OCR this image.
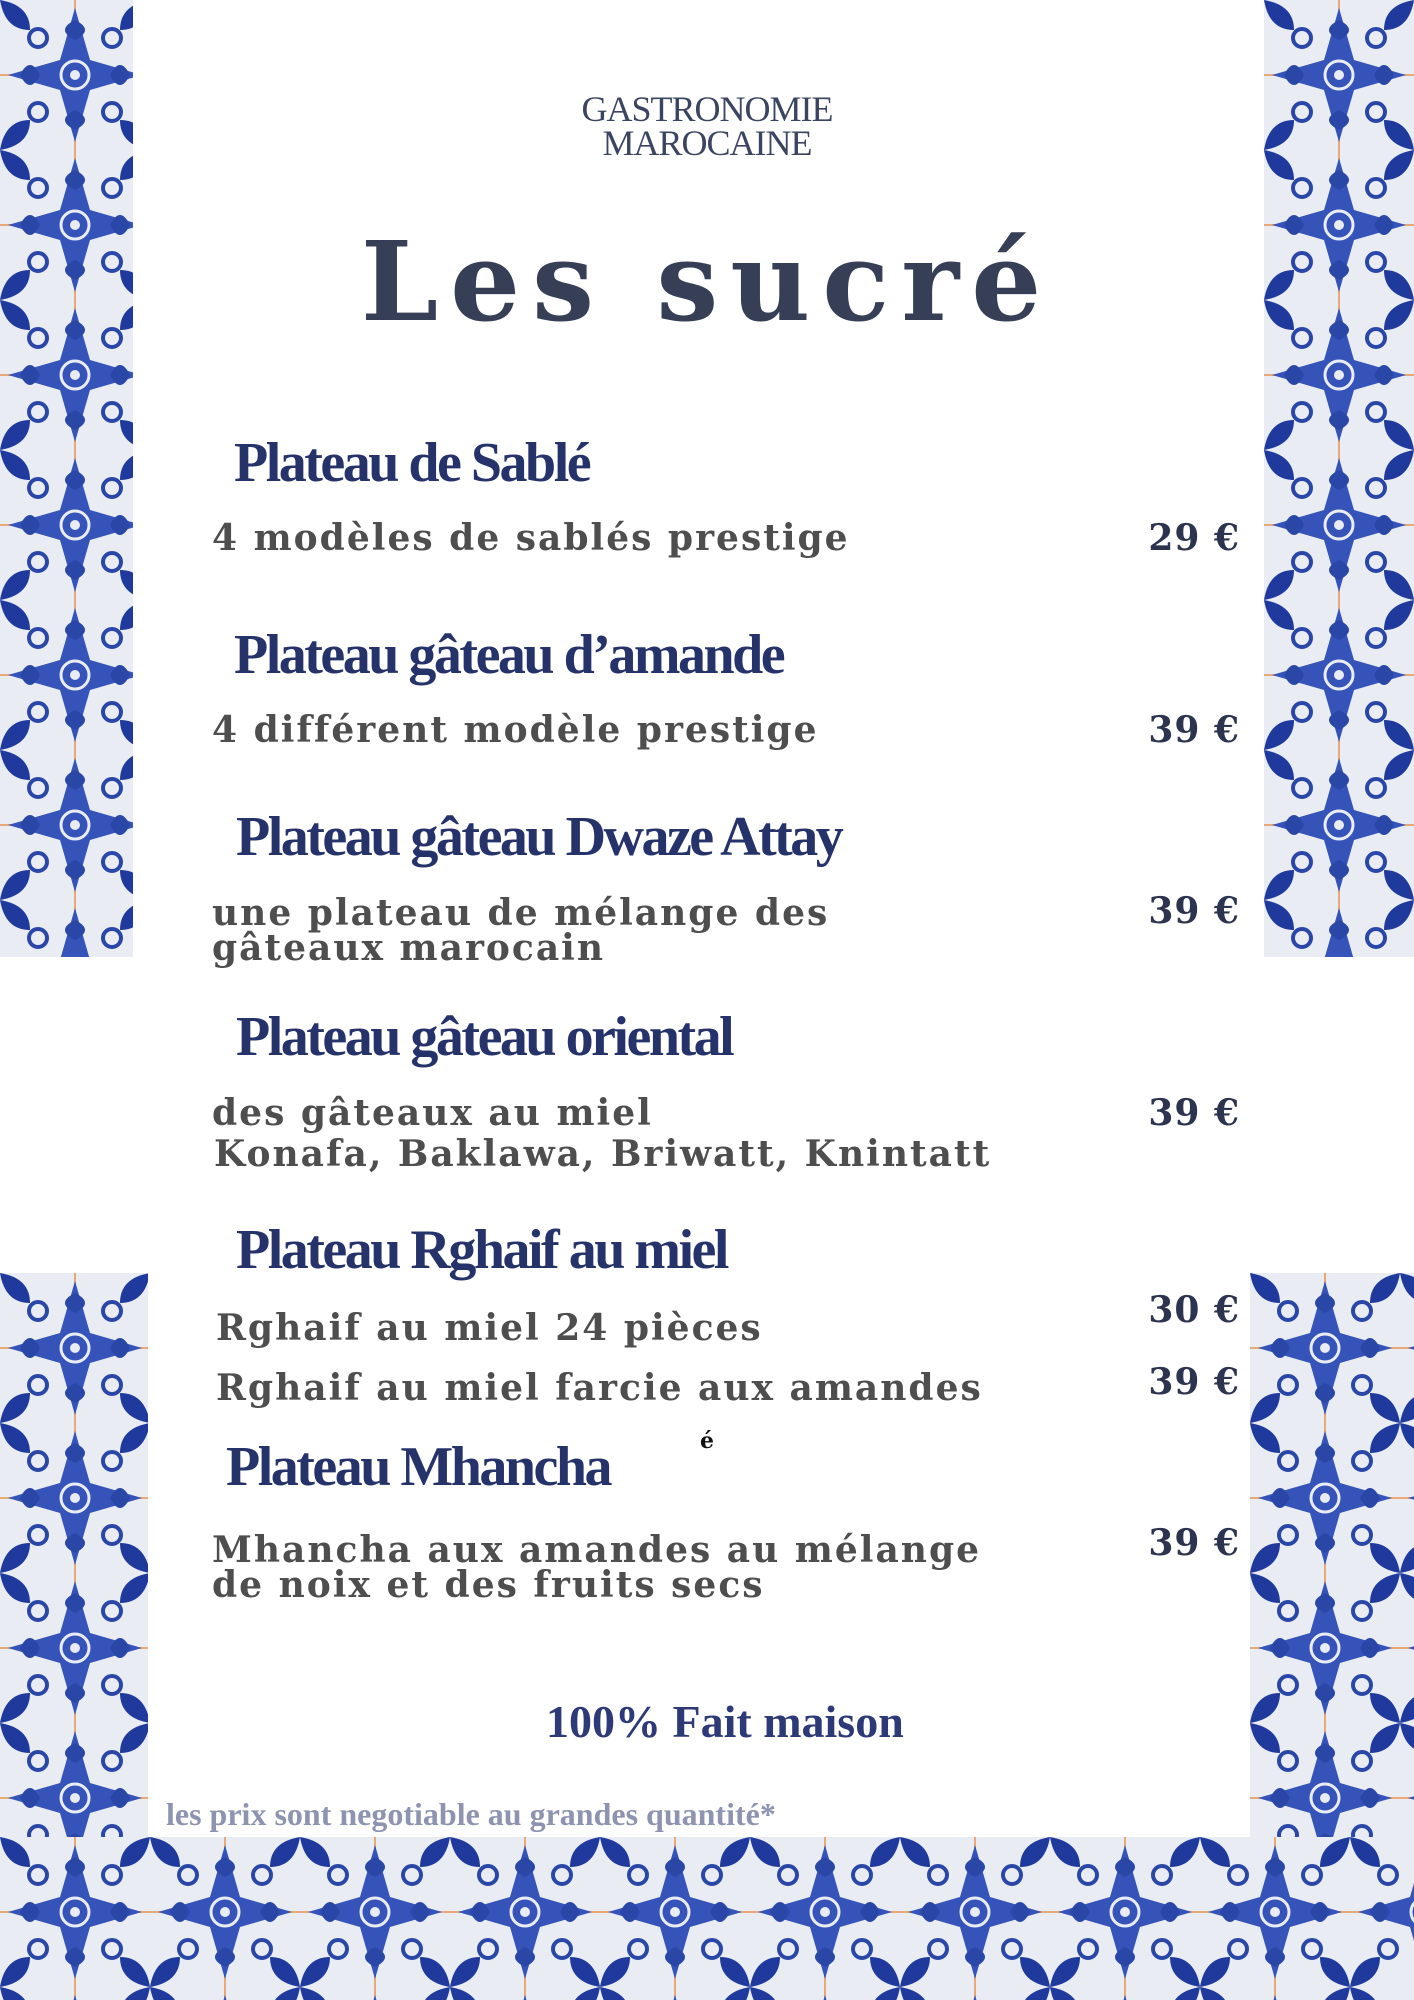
GASTRONOMIE
MAROCAINE
Les sucré
Plateau de Sablé
4 modèles de sablés prestige	29 €
Plateau gâteau d’amande
4 différent modèle prestige	39 €
Plateau gâteau Dwaze Attay
une plateau de mélange des
gâteaux marocain
39 €
Plateau gâteau oriental
des gâteaux au miel
Konafa, Baklawa, Briwatt, Knintatt
39 €
Plateau Rghaif au miel
Rghaif au miel 24 pièces
Rghaif au miel farcie aux amandes
30 €
39 €
é
Plateau Mhancha
Mhancha aux amandes au mélange
de noix et des fruits secs
39 €
100% Fait maison
les prix sont negotiable au grandes quantité*
